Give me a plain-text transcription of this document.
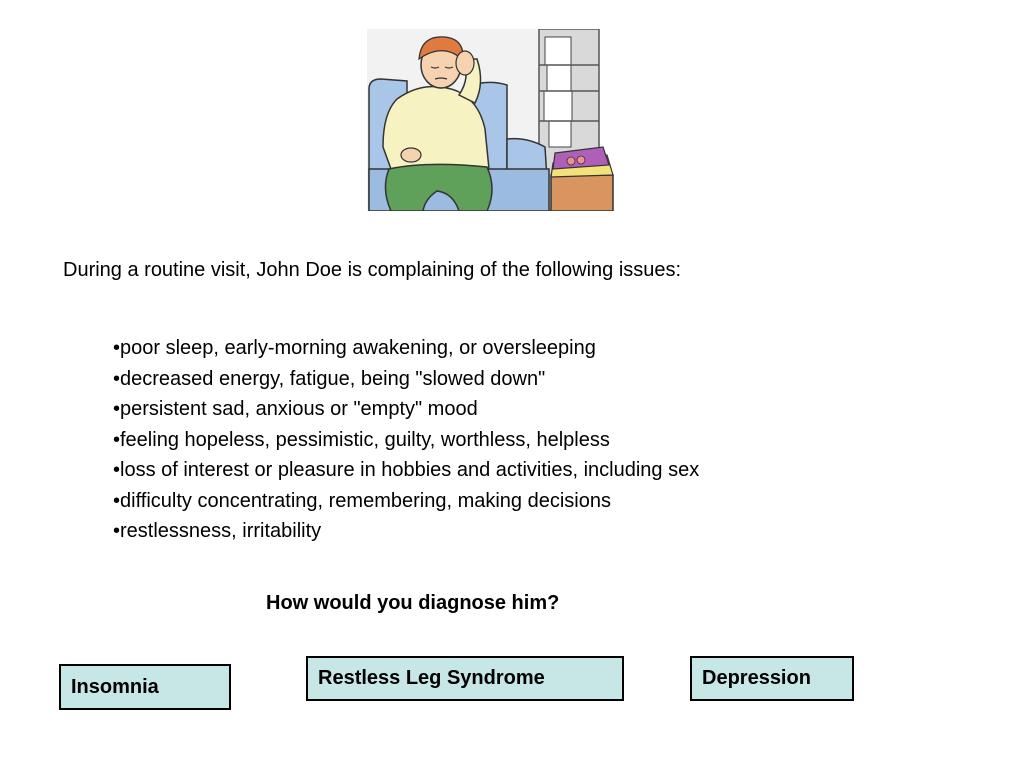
During a routine visit, John Doe is complaining of the following issues:

•poor sleep, early-morning awakening, or oversleeping
•decreased energy, fatigue, being "slowed down"
•persistent sad, anxious or "empty" mood
•feeling hopeless, pessimistic, guilty, worthless, helpless
•loss of interest or pleasure in hobbies and activities, including sex
•difficulty concentrating, remembering, making decisions
•restlessness, irritability

How would you diagnose him?

Insomnia	Restless Leg Syndrome	Depression
